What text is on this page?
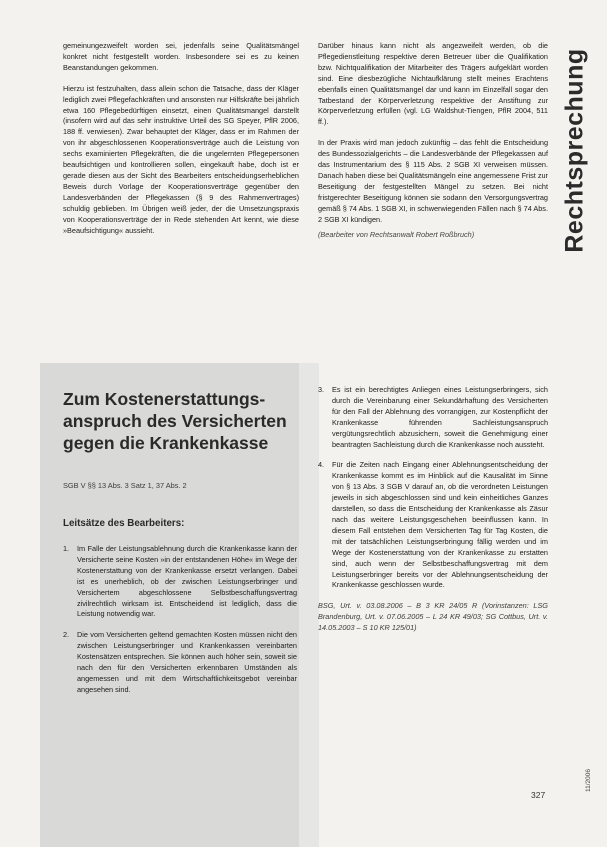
gemeinungezweifelt worden sei, jedenfalls seine Qualitätsmängel konkret nicht festgestellt worden. Insbesondere sei es zu keinen Beanstandungen gekommen.

Hierzu ist festzuhalten, dass allein schon die Tatsache, dass der Kläger lediglich zwei Pflegefachkräften und ansonsten nur Hilfskräfte bei jährlich etwa 160 Pflegebedürftigen einsetzt, einen Qualitätsmangel darstellt (insofern wird auf das sehr instruktive Urteil des SG Speyer, PflR 2006, 188 ff. verwiesen). Zwar behauptet der Kläger, dass er im Rahmen der von ihr abgeschlossenen Kooperationsverträge auch die Leistung von sechs examinierten Pflegekräften, die die ungelernten Pflegepersonen beaufsichtigen und kontrollieren sollen, eingekauft habe, doch ist er gerade diesen aus der Sicht des Bearbeiters entscheidungserheblichen Beweis durch Vorlage der Kooperationsverträge gegenüber den Landesverbänden der Pflegekassen (§ 9 des Rahmenvertrages) schuldig geblieben. Im Übrigen weiß jeder, der die Umsetzungspraxis von Kooperationsverträge der in Rede stehenden Art kennt, wie diese »Beaufsichtigung« aussieht.

Darüber hinaus kann nicht als angezweifelt werden, ob die Pflegedienstleitung respektive deren Betreuer über die Qualifikation bzw. Nichtqualifikation der Mitarbeiter des Trägers aufgeklärt worden sind. Eine diesbezügliche Nichtaufklärung stellt meines Erachtens ebenfalls einen Qualitätsmangel dar und kann im Einzelfall sogar den Tatbestand der Körperverletzung respektive der Anstiftung zur Körperverletzung erfüllen (vgl. LG Waldshut-Tiengen, PflR 2004, 511 ff.).

In der Praxis wird man jedoch zukünftig – das fehlt die Entscheidung des Bundessozialgerichts – die Landesverbände der Pflegekassen auf das Instrumentarium des § 115 Abs. 2 SGB XI verweisen müssen. Danach haben diese bei Qualitätsmängeln eine angemessene Frist zur Beseitigung der festgestellten Mängel zu setzen. Bei nicht fristgerechter Beseitigung können sie sodann den Versorgungsvertrag gemäß § 74 Abs. 1 SGB XI, in schwerwiegenden Fällen nach § 74 Abs. 2 SGB XI kündigen.

(Bearbeiter von Rechtsanwalt Robert Roßbruch)	Rechtsprechung
Zum Kostenerstattungs-
anspruch des Versicherten
gegen die Krankenkasse
SGB V §§ 13 Abs. 3 Satz 1, 37 Abs. 2
Leitsätze des Bearbeiters:
1. Im Falle der Leistungsablehnung durch die Krankenkasse kann der Versicherte seine Kosten »in der entstandenen Höhe« im Wege der Kostenerstattung von der Krankenkasse ersetzt verlangen. Dabei ist es unerheblich, ob der zwischen Leistungserbringer und Versichertem abgeschlossene Selbstbeschaffungsvertrag zivilrechtlich wirksam ist. Entscheidend ist lediglich, dass die Leistung notwendig war.
2. Die vom Versicherten geltend gemachten Kosten müssen nicht den zwischen Leistungserbringer und Krankenkassen vereinbarten Kostensätzen entsprechen. Sie können auch höher sein, soweit sie nach den für den Versicherten erkennbaren Umständen als angemessen und mit dem Wirtschaftlichkeitsgebot vereinbar angesehen sind.
3. Es ist ein berechtigtes Anliegen eines Leistungserbringers, sich durch die Vereinbarung einer Sekundärhaftung des Versicherten für den Fall der Ablehnung des vorrangigen, zur Kostenpflicht der Krankenkasse führenden Sachleistungsanspruch vergütungsrechtlich abzusichern, soweit die Genehmigung einer beantragten Sachleistung durch die Krankenkasse noch aussteht.
4. Für die Zeiten nach Eingang einer Ablehnungsentscheidung der Krankenkasse kommt es im Hinblick auf die Kausalität im Sinne von § 13 Abs. 3 SGB V darauf an, ob die verordneten Leistungen jeweils in sich abgeschlossen sind und kein einheitliches Ganzes darstellen, so dass die Entscheidung der Krankenkasse als Zäsur nach das weitere Leistungsgeschehen beeinflussen kann. In diesem Fall entstehen dem Versicherten Tag für Tag Kosten, die mit der tatsächlichen Leistungserbringung fällig werden und im Wege der Kostenerstattung von der Krankenkasse zu erstatten sind, auch wenn der Selbstbeschaffungsvertrag mit dem Leistungserbringer bereits vor der Ablehnungsentscheidung der Krankenkasse geschlossen wurde.

BSG, Urt. v. 03.08.2006 – B 3 KR 24/05 R (Vorinstanzen: LSG Brandenburg, Urt. v. 07.06.2005 – L 24 KR 49/03; SG Cottbus, Urt. v. 14.05.2003 – S 10 KR 125/01)

327
11/2006
